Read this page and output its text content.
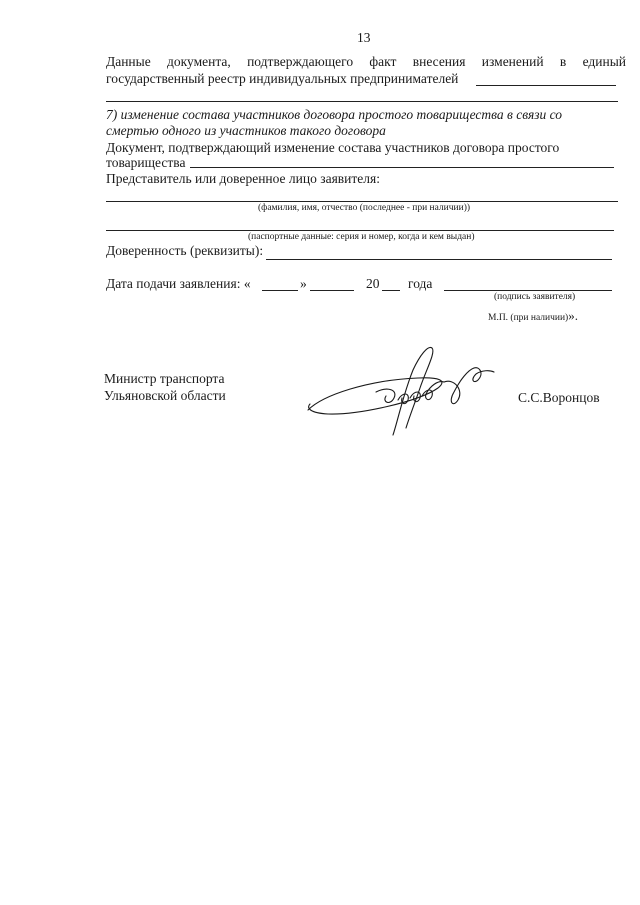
13
Данные документа, подтверждающего факт внесения изменений в единый
государственный реестр индивидуальных предпринимателей
7) изменение состава участников договора простого товарищества в связи со
смертью одного из участников такого договора
Документ, подтверждающий изменение состава участников договора простого
товарищества
Представитель или доверенное лицо заявителя:
(фамилия, имя, отчество (последнее - при наличии))
(паспортные данные: серия и номер, когда и кем выдан)
Доверенность (реквизиты):
Дата подачи заявления: «	»	20 года
(подпись заявителя)
М.П. (при наличии)».
Министр транспорта
Ульяновской области	С.С.Воронцов
